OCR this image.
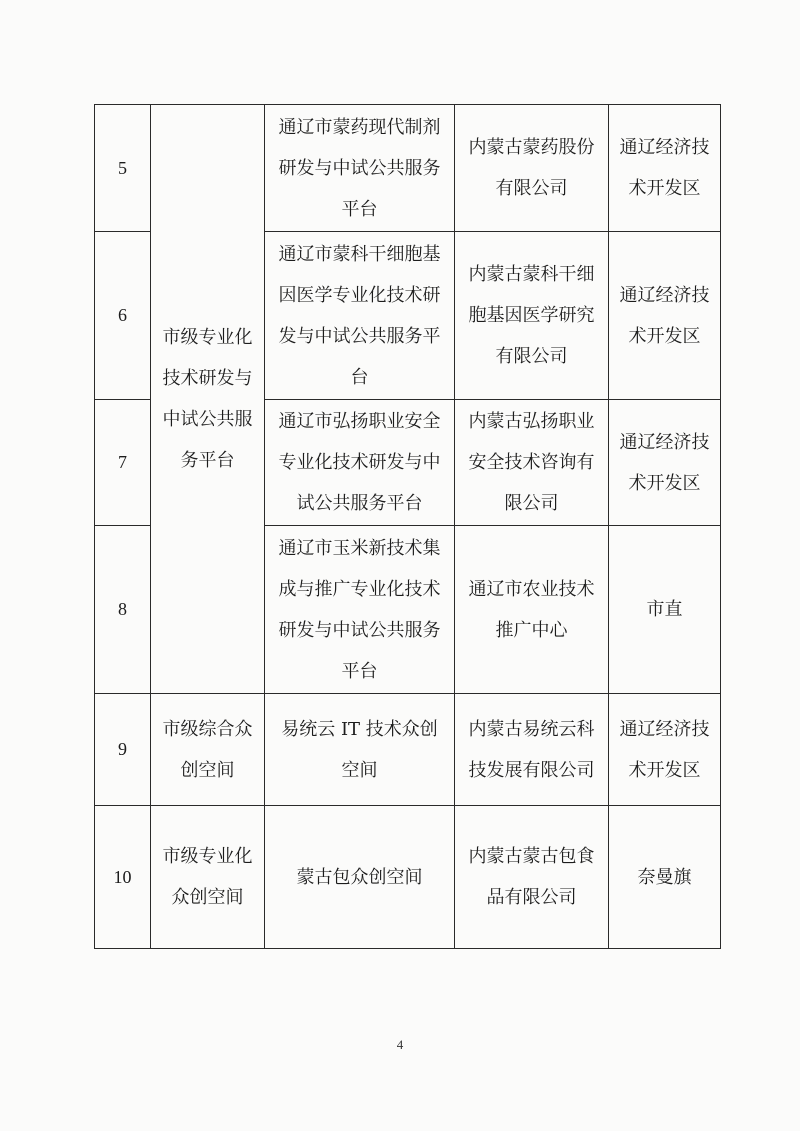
5	市级专业化技术研发与中试公共服务平台	通辽市蒙药现代制剂研发与中试公共服务平台	内蒙古蒙药股份有限公司	通辽经济技术开发区
6		通辽市蒙科干细胞基因医学专业化技术研发与中试公共服务平台	内蒙古蒙科干细胞基因医学研究有限公司	通辽经济技术开发区
7		通辽市弘扬职业安全专业化技术研发与中试公共服务平台	内蒙古弘扬职业安全技术咨询有限公司	通辽经济技术开发区
8		通辽市玉米新技术集成与推广专业化技术研发与中试公共服务平台	通辽市农业技术推广中心	市直
9	市级综合众创空间	易统云 IT 技术众创空间	内蒙古易统云科技发展有限公司	通辽经济技术开发区
10	市级专业化众创空间	蒙古包众创空间	内蒙古蒙古包食品有限公司	奈曼旗
4
